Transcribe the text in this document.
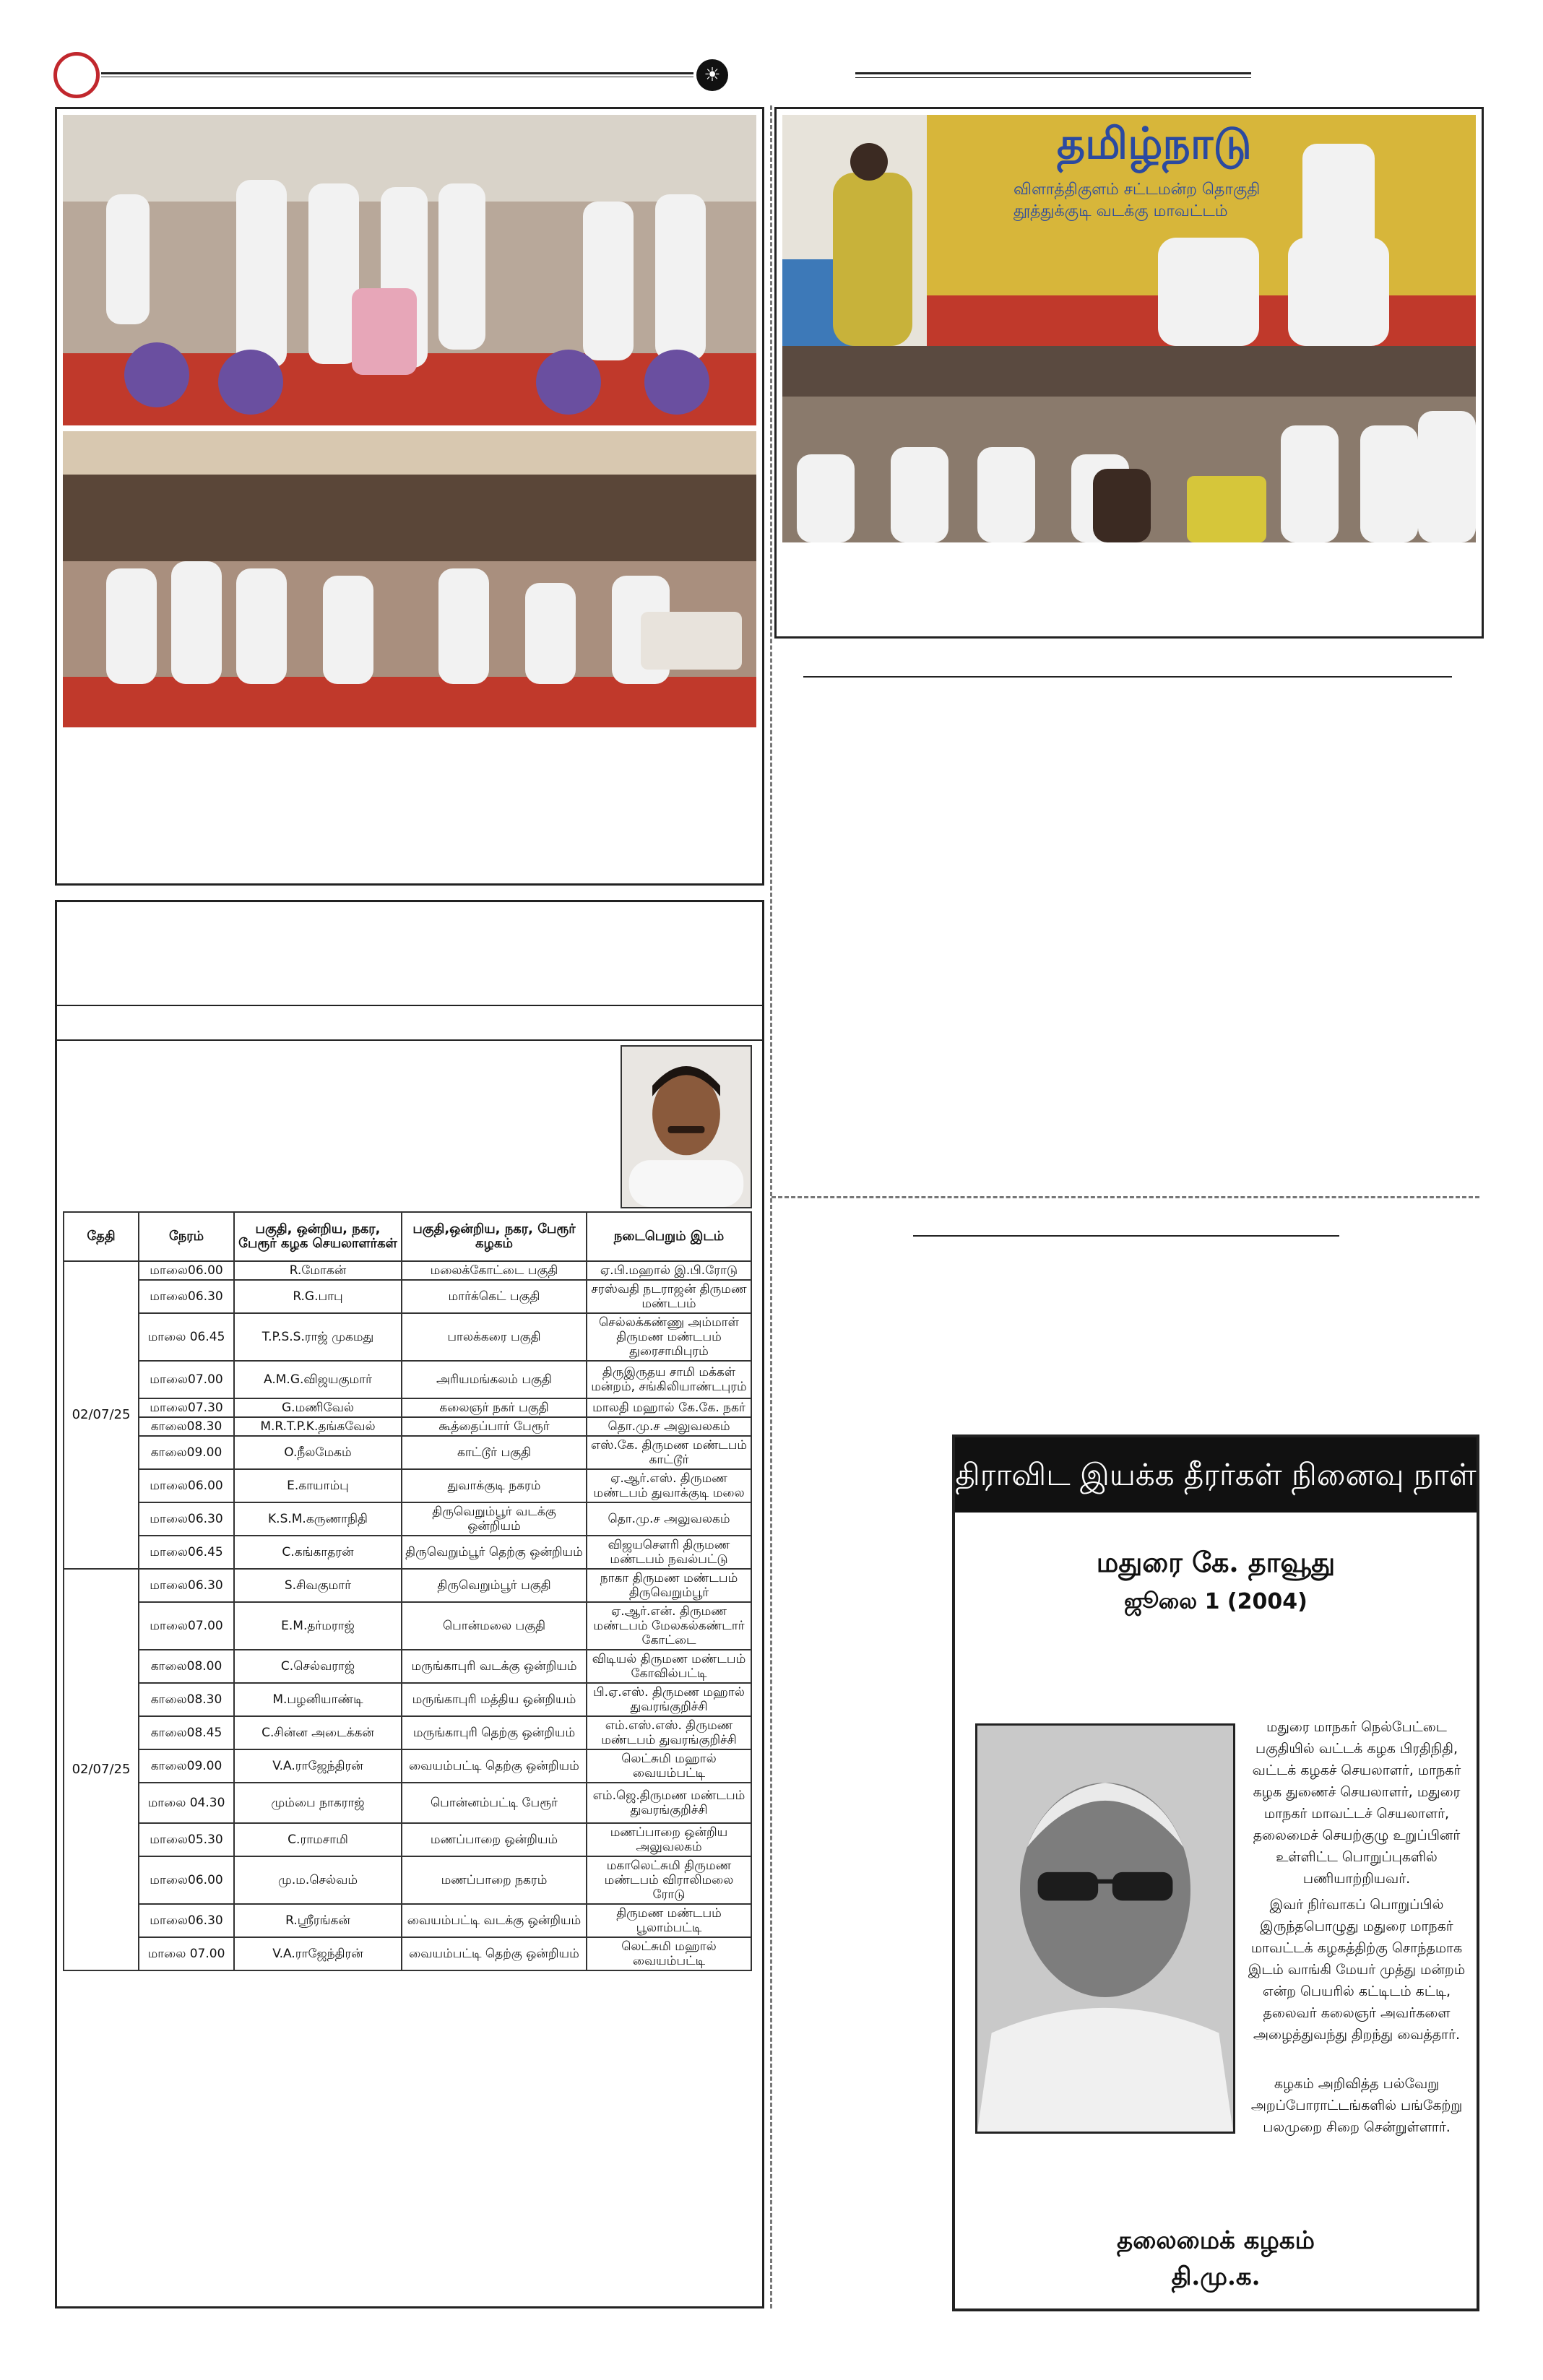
☀
தமிழ்நாடு
விளாத்திகுளம் சட்டமன்ற தொகுதி
தூத்துக்குடி வடக்கு மாவட்டம்
தேதி	நேரம்	பகுதி, ஒன்றிய, நகர, பேரூர் கழக செயலாளர்கள்	பகுதி,ஒன்றிய, நகர, பேரூர் கழகம்	நடைபெறும் இடம்
02/07/25	மாலை06.00	R.மோகன்	மலைக்கோட்டை பகுதி	ஏ.பி.மஹால் இ.பி.ரோடு
	மாலை06.30	R.G.பாபு	மார்க்கெட் பகுதி	சரஸ்வதி நடராஜன் திருமண மண்டபம்
	மாலை 06.45	T.P.S.S.ராஜ் முகமது	பாலக்கரை பகுதி	செல்லக்கண்ணு அம்மாள் திருமண மண்டபம் துரைசாமிபுரம்
	மாலை07.00	A.M.G.விஜயகுமார்	அரியமங்கலம் பகுதி	திருஇருதய சாமி மக்கள் மன்றம், சங்கிலியாண்டபுரம்
	மாலை07.30	G.மணிவேல்	கலைஞர் நகர் பகுதி	மாலதி மஹால் கே.கே. நகர்
	காலை08.30	M.R.T.P.K.தங்கவேல்	கூத்தைப்பார் பேரூர்	தொ.மு.ச அலுவலகம்
	காலை09.00	O.நீலமேகம்	காட்டூர் பகுதி	எஸ்.கே. திருமண மண்டபம் காட்டூர்
	மாலை06.00	E.காயாம்பு	துவாக்குடி நகரம்	ஏ.ஆர்.எஸ். திருமண மண்டபம் துவாக்குடி மலை
	மாலை06.30	K.S.M.கருணாநிதி	திருவெறும்பூர் வடக்கு ஒன்றியம்	தொ.மு.ச அலுவலகம்
	மாலை06.45	C.கங்காதரன்	திருவெறும்பூர் தெற்கு ஒன்றியம்	விஜயசௌரி திருமண மண்டபம் நவல்பட்டு
02/07/25	மாலை06.30	S.சிவகுமார்	திருவெறும்பூர் பகுதி	நாகா திருமண மண்டபம் திருவெறும்பூர்
	மாலை07.00	E.M.தர்மராஜ்	பொன்மலை பகுதி	ஏ.ஆர்.என். திருமண மண்டபம் மேலகல்கண்டார் கோட்டை
	காலை08.00	C.செல்வராஜ்	மருங்காபுரி வடக்கு ஒன்றியம்	விடியல் திருமண மண்டபம் கோவில்பட்டி
	காலை08.30	M.பழனியாண்டி	மருங்காபுரி மத்திய ஒன்றியம்	பி.ஏ.எஸ். திருமண மஹால் துவரங்குறிச்சி
	காலை08.45	C.சின்ன அடைக்கன்	மருங்காபுரி தெற்கு ஒன்றியம்	எம்.எஸ்.எஸ். திருமண மண்டபம் துவரங்குறிச்சி
	காலை09.00	V.A.ராஜேந்திரன்	வையம்பட்டி தெற்கு ஒன்றியம்	லெட்சுமி மஹால் வையம்பட்டி
	மாலை 04.30	மும்பை நாகராஜ்	பொன்னம்பட்டி பேரூர்	எம்.ஜெ.திருமண மண்டபம் துவரங்குறிச்சி
	மாலை05.30	C.ராமசாமி	மணப்பாறை ஒன்றியம்	மணப்பாறை ஒன்றிய அலுவலகம்
	மாலை06.00	மு.ம.செல்வம்	மணப்பாறை நகரம்	மகாலெட்சுமி திருமண மண்டபம் விராலிமலை ரோடு
	மாலை06.30	R.ஸ்ரீரங்கன்	வையம்பட்டி வடக்கு ஒன்றியம்	திருமண மண்டபம் பூலாம்பட்டி
	மாலை 07.00	V.A.ராஜேந்திரன்	வையம்பட்டி தெற்கு ஒன்றியம்	லெட்சுமி மஹால் வையம்பட்டி
திராவிட இயக்க தீரர்கள் நினைவு நாள்
மதுரை கே. தாவூது
ஜூலை 1 (2004)
மதுரை மாநகர் நெல்பேட்டை பகுதியில் வட்டக் கழக பிரதிநிதி, வட்டக் கழகச் செயலாளர், மாநகர் கழக துணைச் செயலாளர், மதுரை மாநகர் மாவட்டச் செயலாளர், தலைமைச் செயற்குழு உறுப்பினர் உள்ளிட்ட பொறுப்புகளில் பணியாற்றியவர்.
இவர் நிர்வாகப் பொறுப்பில் இருந்தபொழுது மதுரை மாநகர் மாவட்டக் கழகத்திற்கு சொந்தமாக இடம் வாங்கி மேயர் முத்து மன்றம் என்ற பெயரில் கட்டிடம் கட்டி, தலைவர் கலைஞர் அவர்களை அழைத்துவந்து திறந்து வைத்தார்.
கழகம் அறிவித்த பல்வேறு அறப்போராட்டங்களில் பங்கேற்று பலமுறை சிறை சென்றுள்ளார்.
தலைமைக் கழகம்
தி.மு.க.
